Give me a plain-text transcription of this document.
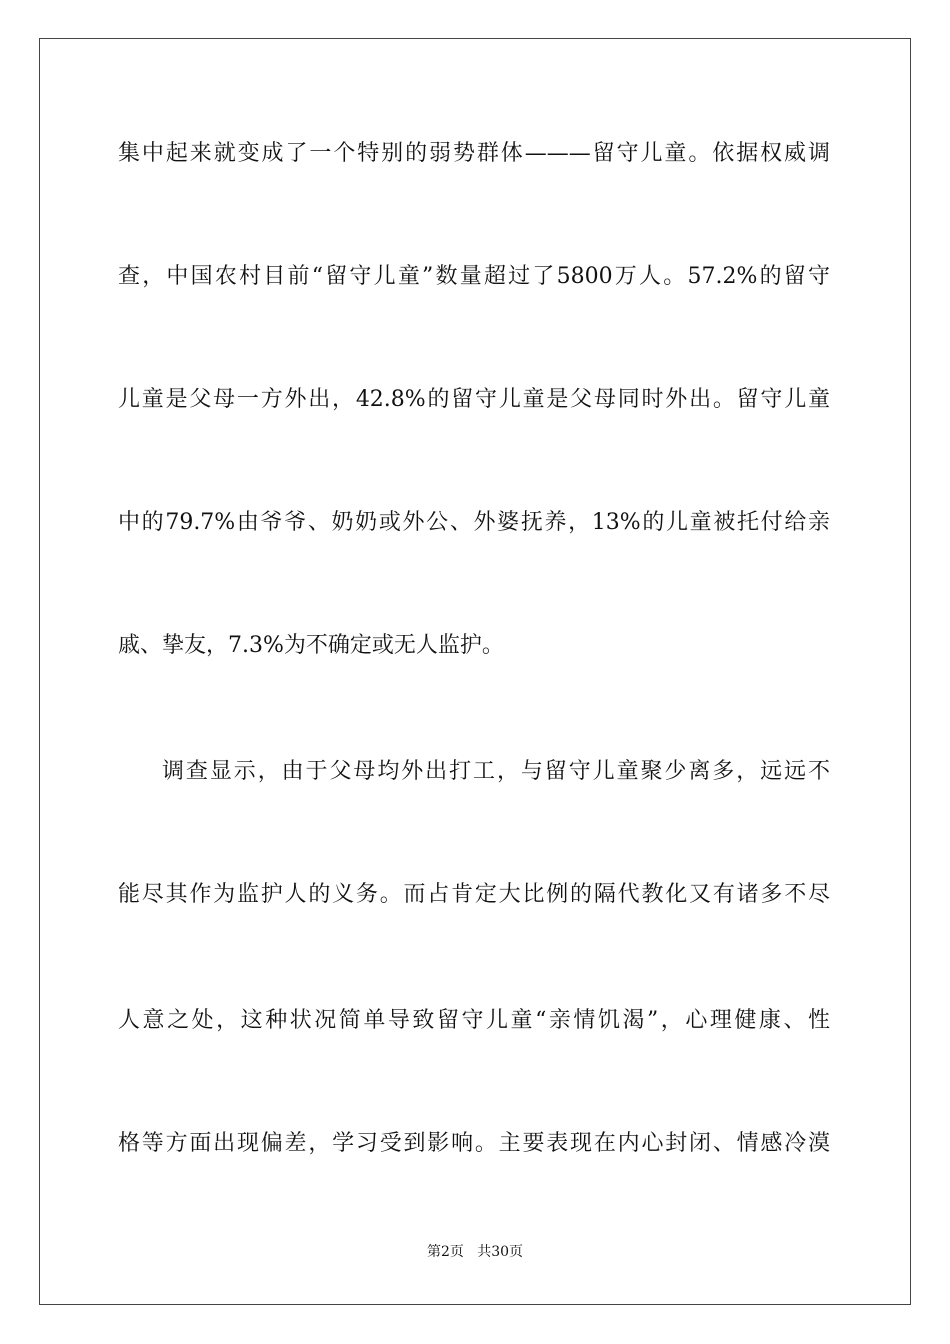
集中起来就变成了一个特别的弱势群体———留守儿童。依据权威调
查，中国农村目前“留守儿童”数量超过了5800万人。57.2%的留守
儿童是父母一方外出，42.8%的留守儿童是父母同时外出。留守儿童
中的79.7%由爷爷、奶奶或外公、外婆抚养，13%的儿童被托付给亲
戚、挚友，7.3%为不确定或无人监护。
调查显示，由于父母均外出打工，与留守儿童聚少离多，远远不
能尽其作为监护人的义务。而占肯定大比例的隔代教化又有诸多不尽
人意之处，这种状况简单导致留守儿童“亲情饥渴”，心理健康、性
格等方面出现偏差，学习受到影响。主要表现在内心封闭、情感冷漠
第2页   共30页
